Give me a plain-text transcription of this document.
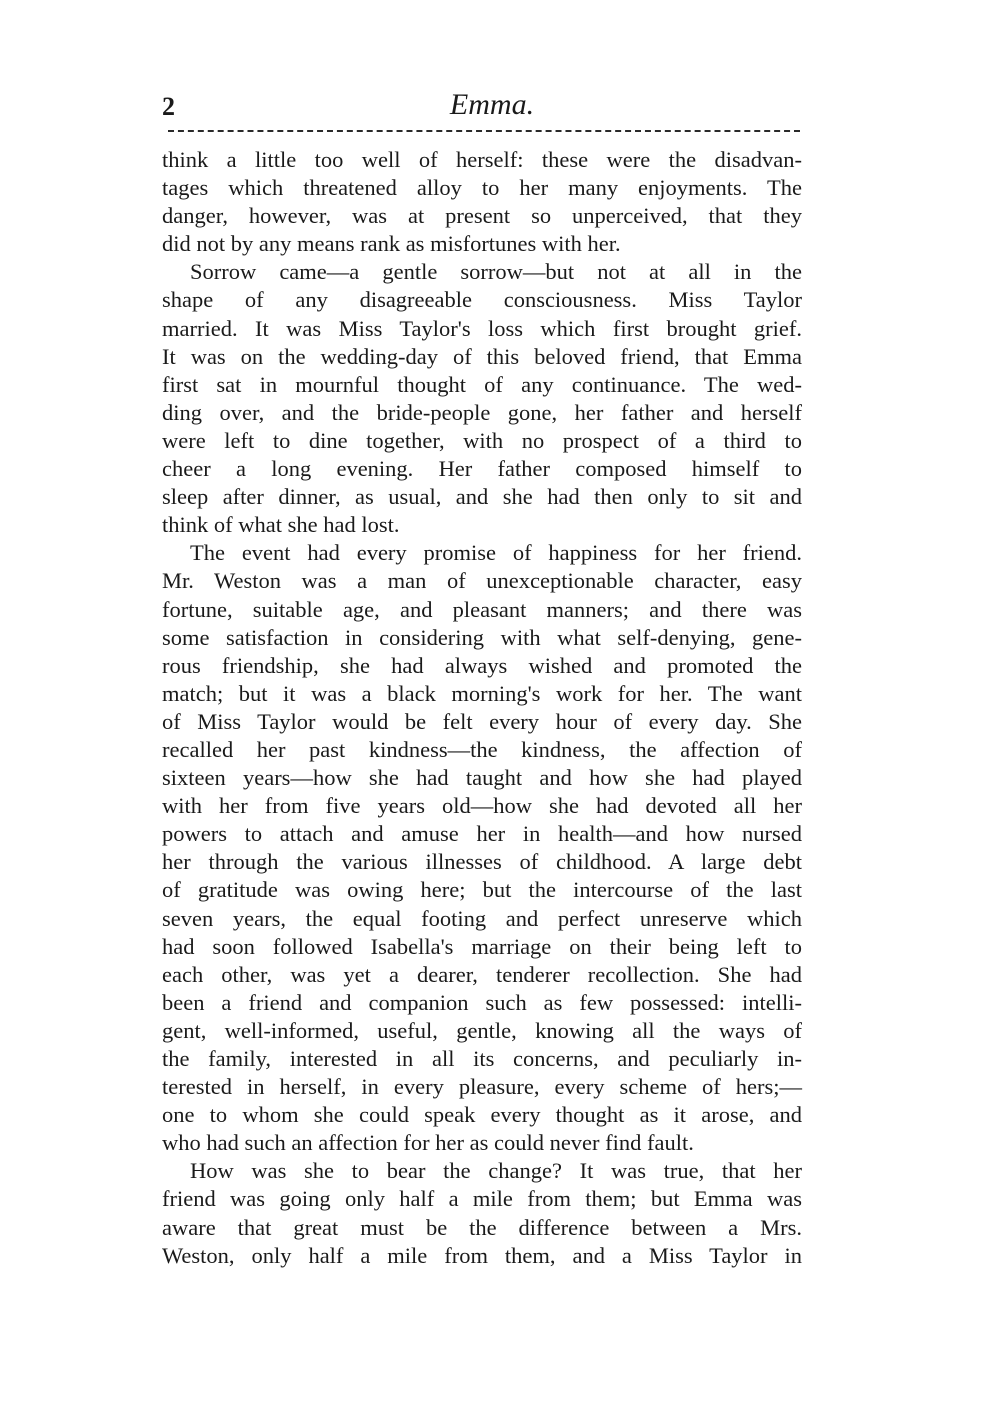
2	Emma.
think a little too well of herself: these were the disadvan-
tages which threatened alloy to her many enjoyments. The
danger, however, was at present so unperceived, that they
did not by any means rank as misfortunes with her.
Sorrow came—a gentle sorrow—but not at all in the
shape of any disagreeable consciousness. Miss Taylor
married. It was Miss Taylor's loss which first brought grief.
It was on the wedding-day of this beloved friend, that Emma
first sat in mournful thought of any continuance. The wed-
ding over, and the bride-people gone, her father and herself
were left to dine together, with no prospect of a third to
cheer a long evening. Her father composed himself to
sleep after dinner, as usual, and she had then only to sit and
think of what she had lost.
The event had every promise of happiness for her friend.
Mr. Weston was a man of unexceptionable character, easy
fortune, suitable age, and pleasant manners; and there was
some satisfaction in considering with what self-denying, gene-
rous friendship, she had always wished and promoted the
match; but it was a black morning's work for her. The want
of Miss Taylor would be felt every hour of every day. She
recalled her past kindness—the kindness, the affection of
sixteen years—how she had taught and how she had played
with her from five years old—how she had devoted all her
powers to attach and amuse her in health—and how nursed
her through the various illnesses of childhood. A large debt
of gratitude was owing here; but the intercourse of the last
seven years, the equal footing and perfect unreserve which
had soon followed Isabella's marriage on their being left to
each other, was yet a dearer, tenderer recollection. She had
been a friend and companion such as few possessed: intelli-
gent, well-informed, useful, gentle, knowing all the ways of
the family, interested in all its concerns, and peculiarly in-
terested in herself, in every pleasure, every scheme of hers;—
one to whom she could speak every thought as it arose, and
who had such an affection for her as could never find fault.
How was she to bear the change? It was true, that her
friend was going only half a mile from them; but Emma was
aware that great must be the difference between a Mrs.
Weston, only half a mile from them, and a Miss Taylor in
